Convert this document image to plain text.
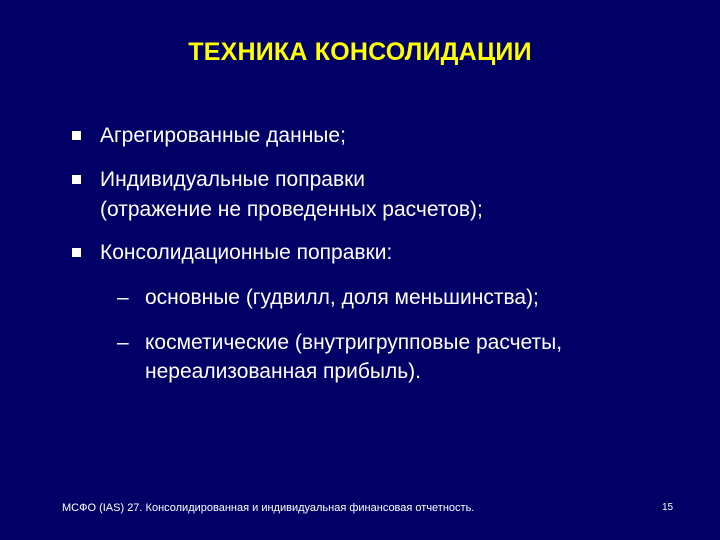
ТЕХНИКА КОНСОЛИДАЦИИ
Агрегированные данные;
Индивидуальные поправки
(отражение не проведенных расчетов);
Консолидационные поправки:
– основные (гудвилл, доля меньшинства);
– косметические (внутригрупповые расчеты,
нереализованная прибыль).
МСФО (IAS) 27. Консолидированная и индивидуальная финансовая отчетность.	15
